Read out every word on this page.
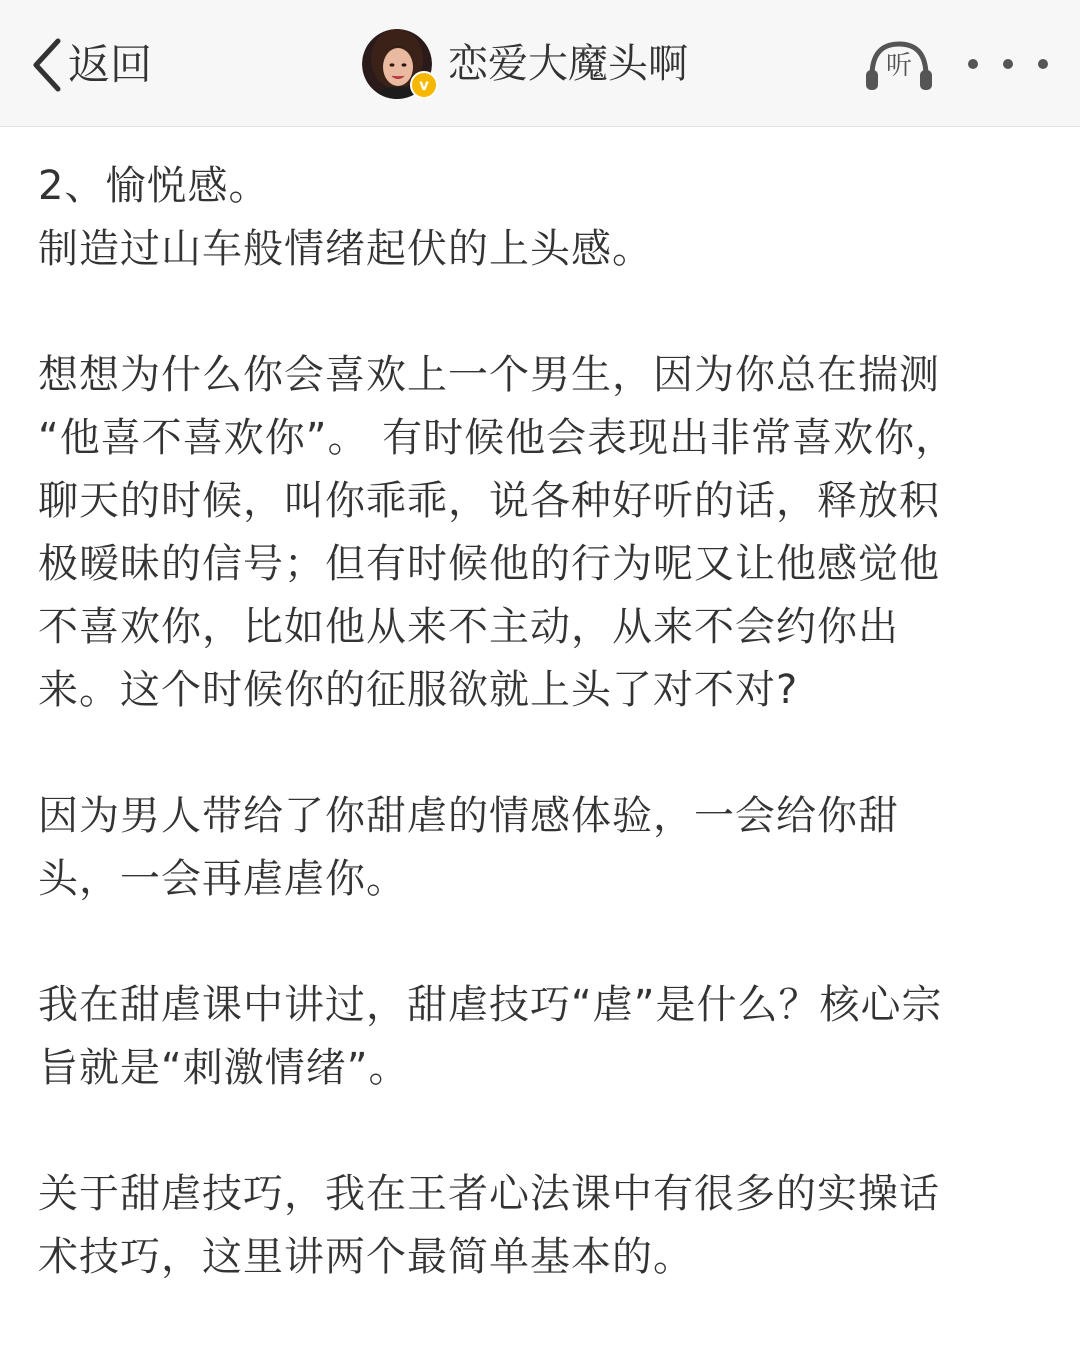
返回	v 恋爱大魔头啊	听

2、愉悦感。
制造过山车般情绪起伏的上头感。

想想为什么你会喜欢上一个男生，因为你总在揣测
“他喜不喜欢你”。 有时候他会表现出非常喜欢你，
聊天的时候，叫你乖乖，说各种好听的话，释放积
极暧昧的信号；但有时候他的行为呢又让他感觉他
不喜欢你，比如他从来不主动，从来不会约你出
来。这个时候你的征服欲就上头了对不对?

因为男人带给了你甜虐的情感体验，一会给你甜
头，一会再虐虐你。

我在甜虐课中讲过，甜虐技巧“虐”是什么？核心宗
旨就是“刺激情绪”。

关于甜虐技巧，我在王者心法课中有很多的实操话
术技巧，这里讲两个最简单基本的。
